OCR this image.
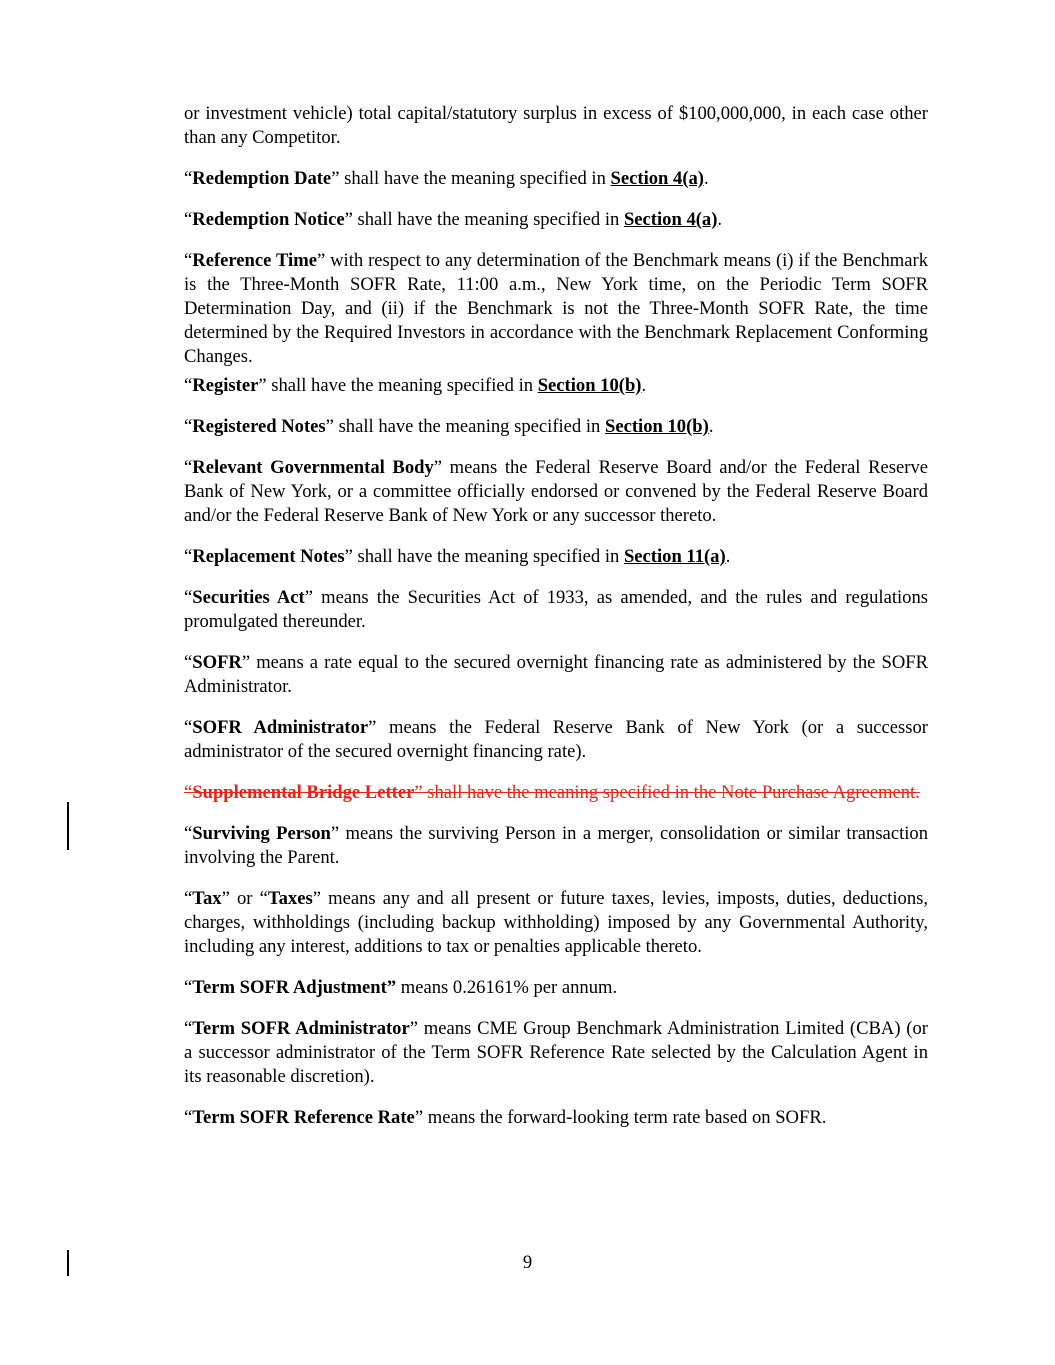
or investment vehicle) total capital/statutory surplus in excess of $100,000,000, in each case other than any Competitor.

“Redemption Date” shall have the meaning specified in Section 4(a).

“Redemption Notice” shall have the meaning specified in Section 4(a).

“Reference Time” with respect to any determination of the Benchmark means (i) if the Benchmark is the Three-Month SOFR Rate, 11:00 a.m., New York time, on the Periodic Term SOFR Determination Day, and (ii) if the Benchmark is not the Three-Month SOFR Rate, the time determined by the Required Investors in accordance with the Benchmark Replacement Conforming Changes.

“Register” shall have the meaning specified in Section 10(b).

“Registered Notes” shall have the meaning specified in Section 10(b).

“Relevant Governmental Body” means the Federal Reserve Board and/or the Federal Reserve Bank of New York, or a committee officially endorsed or convened by the Federal Reserve Board and/or the Federal Reserve Bank of New York or any successor thereto.

“Replacement Notes” shall have the meaning specified in Section 11(a).

“Securities Act” means the Securities Act of 1933, as amended, and the rules and regulations promulgated thereunder.

“SOFR” means a rate equal to the secured overnight financing rate as administered by the SOFR Administrator.

“SOFR Administrator” means the Federal Reserve Bank of New York (or a successor administrator of the secured overnight financing rate).

“Supplemental Bridge Letter” shall have the meaning specified in the Note Purchase Agreement.

“Surviving Person” means the surviving Person in a merger, consolidation or similar transaction involving the Parent.

“Tax” or “Taxes” means any and all present or future taxes, levies, imposts, duties, deductions, charges, withholdings (including backup withholding) imposed by any Governmental Authority, including any interest, additions to tax or penalties applicable thereto.

“Term SOFR Adjustment” means 0.26161% per annum.

“Term SOFR Administrator” means CME Group Benchmark Administration Limited (CBA) (or a successor administrator of the Term SOFR Reference Rate selected by the Calculation Agent in its reasonable discretion).

“Term SOFR Reference Rate” means the forward-looking term rate based on SOFR.

9
